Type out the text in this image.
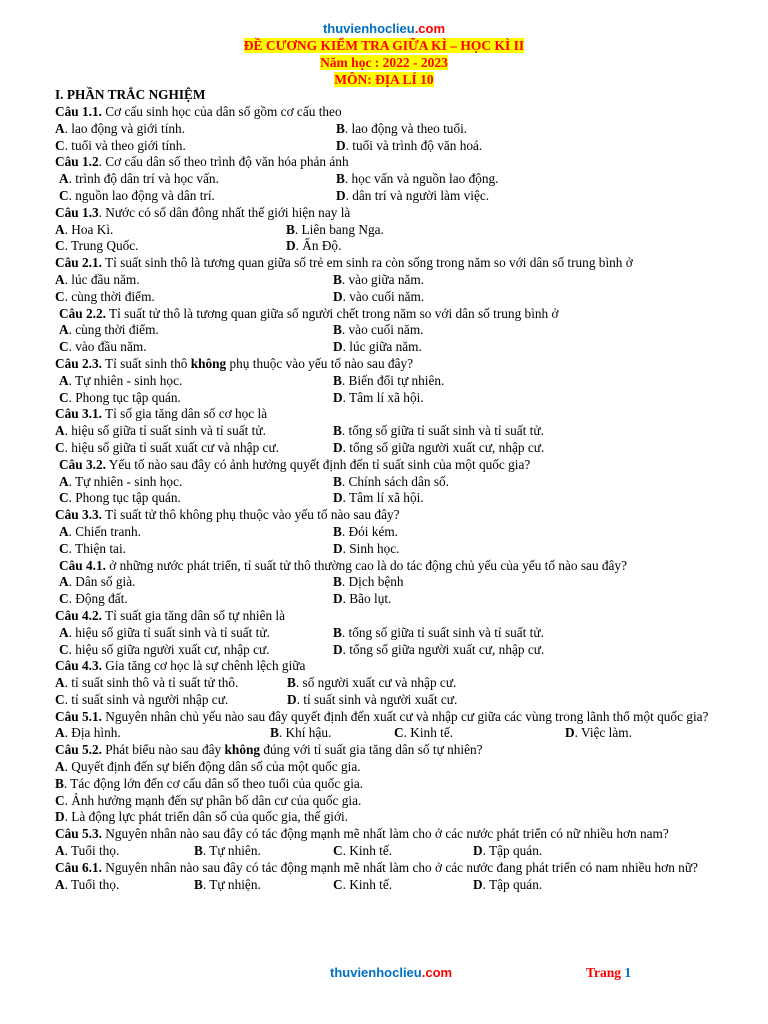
thuvienhoclieu.com
ĐỀ CƯƠNG KIỂM TRA GIỮA KÌ – HỌC KÌ II
Năm học : 2022 - 2023
MÔN: ĐỊA LÍ 10
I. PHẦN TRẮC NGHIỆM
Câu 1.1. Cơ cấu sinh học của dân số gồm cơ cấu theo
A. lao động và giới tính.	B. lao động và theo tuổi.
C. tuổi và theo giới tính.	D. tuổi và trình độ văn hoá.
Câu 1.2. Cơ cấu dân số theo trình độ văn hóa phản ánh
A. trình độ dân trí và học vấn.	B. học vấn và nguồn lao động.
C. nguồn lao động và dân trí.	D. dân trí và người làm việc.
Câu 1.3. Nước có số dân đông nhất thế giới hiện nay là
A. Hoa Kì.	B. Liên bang Nga.
C. Trung Quốc.	D. Ấn Độ.
Câu 2.1. Tỉ suất sinh thô là tương quan giữa số trẻ em sinh ra còn sống trong năm so với dân số trung bình ở
A. lúc đầu năm.	B. vào giữa năm.
C. cùng thời điểm.	D. vào cuối năm.
Câu 2.2. Tỉ suất tử thô là tương quan giữa số người chết trong năm so với dân số trung bình ở
A. cùng thời điểm.	B. vào cuối năm.
C. vào đầu năm.	D. lúc giữa năm.
Câu 2.3. Tỉ suất sinh thô không phụ thuộc vào yếu tố nào sau đây?
A. Tự nhiên - sinh học.	B. Biến đổi tự nhiên.
C. Phong tục tập quán.	D. Tâm lí xã hội.
Câu 3.1. Tỉ số gia tăng dân số cơ học là
A. hiệu số giữa tỉ suất sinh và tỉ suất tử.	B. tổng số giữa tỉ suất sinh và tỉ suất tử.
C. hiệu số giữa tỉ suất xuất cư và nhập cư.	D. tổng số giữa người xuất cư, nhập cư.
Câu 3.2. Yếu tố nào sau đây có ảnh hưởng quyết định đến tỉ suất sinh của một quốc gia?
A. Tự nhiên - sinh học.	B. Chính sách dân số.
C. Phong tục tập quán.	D. Tâm lí xã hội.
Câu 3.3. Tỉ suất tử thô không phụ thuộc vào yếu tố nào sau đây?
A. Chiến tranh.	B. Đói kém.
C. Thiện tai.	D. Sinh học.
Câu 4.1. ở những nước phát triển, tỉ suất tử thô thường cao là do tác động chủ yếu của yếu tố nào sau đây?
A. Dân số già.	B. Dịch bệnh
C. Động đất.	D. Bão lụt.
Câu 4.2. Tỉ suất gia tăng dân số tự nhiên là
A. hiệu số giữa tỉ suất sinh và tỉ suất tử.	B. tổng số giữa tỉ suất sinh và tỉ suất tử.
C. hiệu số giữa người xuất cư, nhập cư.	D. tổng số giữa người xuất cư, nhập cư.
Câu 4.3. Gia tăng cơ học là sự chênh lệch giữa
A. tỉ suất sinh thô và tỉ suất tử thô.	B. số người xuất cư và nhập cư.
C. tỉ suất sinh và người nhập cư.	D. tỉ suất sinh và người xuất cư.
Câu 5.1. Nguyên nhân chủ yếu nào sau đây quyết định đến xuất cư và nhập cư giữa các vùng trong lãnh thổ một quốc gia?
A. Địa hình.	B. Khí hậu.	C. Kinh tế.	D. Việc làm.
Câu 5.2. Phát biểu nào sau đây không đúng với tỉ suất gia tăng dân số tự nhiên?
A. Quyết định đến sự biến động dân số của một quốc gia.
B. Tác động lớn đến cơ cấu dân số theo tuổi của quốc gia.
C. Ảnh hưởng mạnh đến sự phân bố dân cư của quốc gia.
D. Là động lực phát triển dân số của quốc gia, thế giới.
Câu 5.3. Nguyên nhân nào sau đây có tác động mạnh mẽ nhất làm cho ở các nước phát triển có nữ nhiều hơn nam?
A. Tuổi thọ.	B. Tự nhiên.	C. Kinh tế.	D. Tập quán.
Câu 6.1. Nguyên nhân nào sau đây có tác động mạnh mẽ nhất làm cho ở các nước đang phát triển có nam nhiều hơn nữ?
A. Tuổi thọ.	B. Tự nhiện.	C. Kinh tế.	D. Tập quán.
thuvienhoclieu.com	Trang 1
